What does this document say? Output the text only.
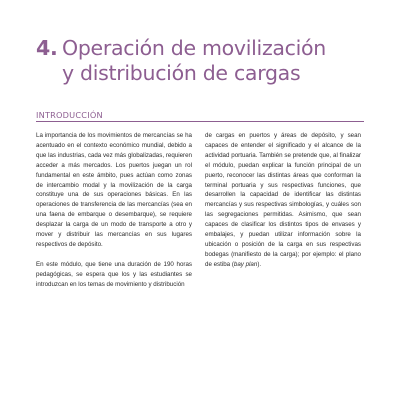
4. Operación de movilización
y distribución de cargas
INTRODUCCIÓN

La importancia de los movimientos de mercancías se ha acentuado en el contexto económico mundial, debido a que las industrias, cada vez más globalizadas, requieren acceder a más mercados. Los puertos juegan un rol fundamental en este ámbito, pues actúan como zonas de intercambio modal y la movilización de la carga constituye una de sus operaciones básicas. En las operaciones de transferencia de las mercancías (sea en una faena de embarque o desembarque), se requiere desplazar la carga de un modo de transporte a otro y mover y distribuir las mercancías en sus lugares respectivos de depósito.

En este módulo, que tiene una duración de 190 horas pedagógicas, se espera que los y las estudiantes se introduzcan en los temas de movimiento y distribución

de cargas en puertos y áreas de depósito, y sean capaces de entender el significado y el alcance de la actividad portuaria. También se pretende que, al finalizar el módulo, puedan explicar la función principal de un puerto, reconocer las distintas áreas que conforman la terminal portuaria y sus respectivas funciones, que desarrollen la capacidad de identificar las distintas mercancías y sus respectivas simbologías, y cuáles son las segregaciones permitidas. Asimismo, que sean capaces de clasificar los distintos tipos de envases y embalajes, y puedan utilizar información sobre la ubicación o posición de la carga en sus respectivas bodegas (manifiesto de la carga); por ejemplo: el plano de estiba (bay plan).
